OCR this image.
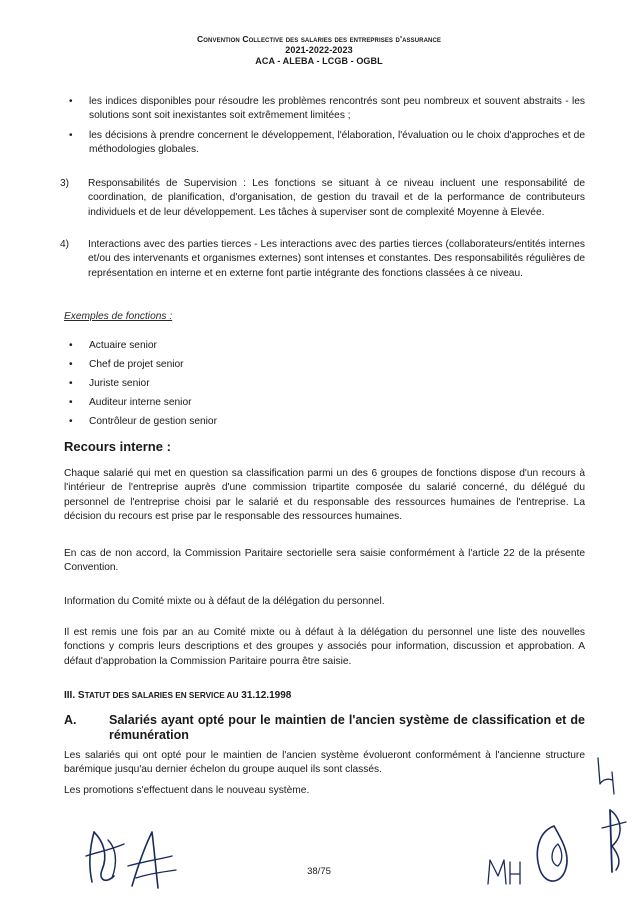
Convention Collective des salaries des entreprises d'assurance
2021-2022-2023
ACA - ALEBA - LCGB - OGBL
• les indices disponibles pour résoudre les problèmes rencontrés sont peu nombreux et souvent abstraits - les solutions sont soit inexistantes soit extrêmement limitées ;
• les décisions à prendre concernent le développement, l'élaboration, l'évaluation ou le choix d'approches et de méthodologies globales.
3) Responsabilités de Supervision : Les fonctions se situant à ce niveau incluent une responsabilité de coordination, de planification, d'organisation, de gestion du travail et de la performance de contributeurs individuels et de leur développement. Les tâches à superviser sont de complexité Moyenne à Elevée.
4) Interactions avec des parties tierces - Les interactions avec des parties tierces (collaborateurs/entités internes et/ou des intervenants et organismes externes) sont intenses et constantes. Des responsabilités régulières de représentation en interne et en externe font partie intégrante des fonctions classées à ce niveau.
Exemples de fonctions :
• Actuaire senior
• Chef de projet senior
• Juriste senior
• Auditeur interne senior
• Contrôleur de gestion senior
Recours interne :
Chaque salarié qui met en question sa classification parmi un des 6 groupes de fonctions dispose d'un recours à l'intérieur de l'entreprise auprès d'une commission tripartite composée du salarié concerné, du délégué du personnel de l'entreprise choisi par le salarié et du responsable des ressources humaines de l'entreprise. La décision du recours est prise par le responsable des ressources humaines.
En cas de non accord, la Commission Paritaire sectorielle sera saisie conformément à l'article 22 de la présente Convention.
Information du Comité mixte ou à défaut de la délégation du personnel.
Il est remis une fois par an au Comité mixte ou à défaut à la délégation du personnel une liste des nouvelles fonctions y compris leurs descriptions et des groupes y associés pour information, discussion et approbation. A défaut d'approbation la Commission Paritaire pourra être saisie.
III. STATUT DES SALARIES EN SERVICE AU 31.12.1998
A.	Salariés ayant opté pour le maintien de l'ancien système de classification et de rémunération
Les salariés qui ont opté pour le maintien de l'ancien système évolueront conformément à l'ancienne structure barémique jusqu'au dernier échelon du groupe auquel ils sont classés.
Les promotions s'effectuent dans le nouveau système.
38/75
